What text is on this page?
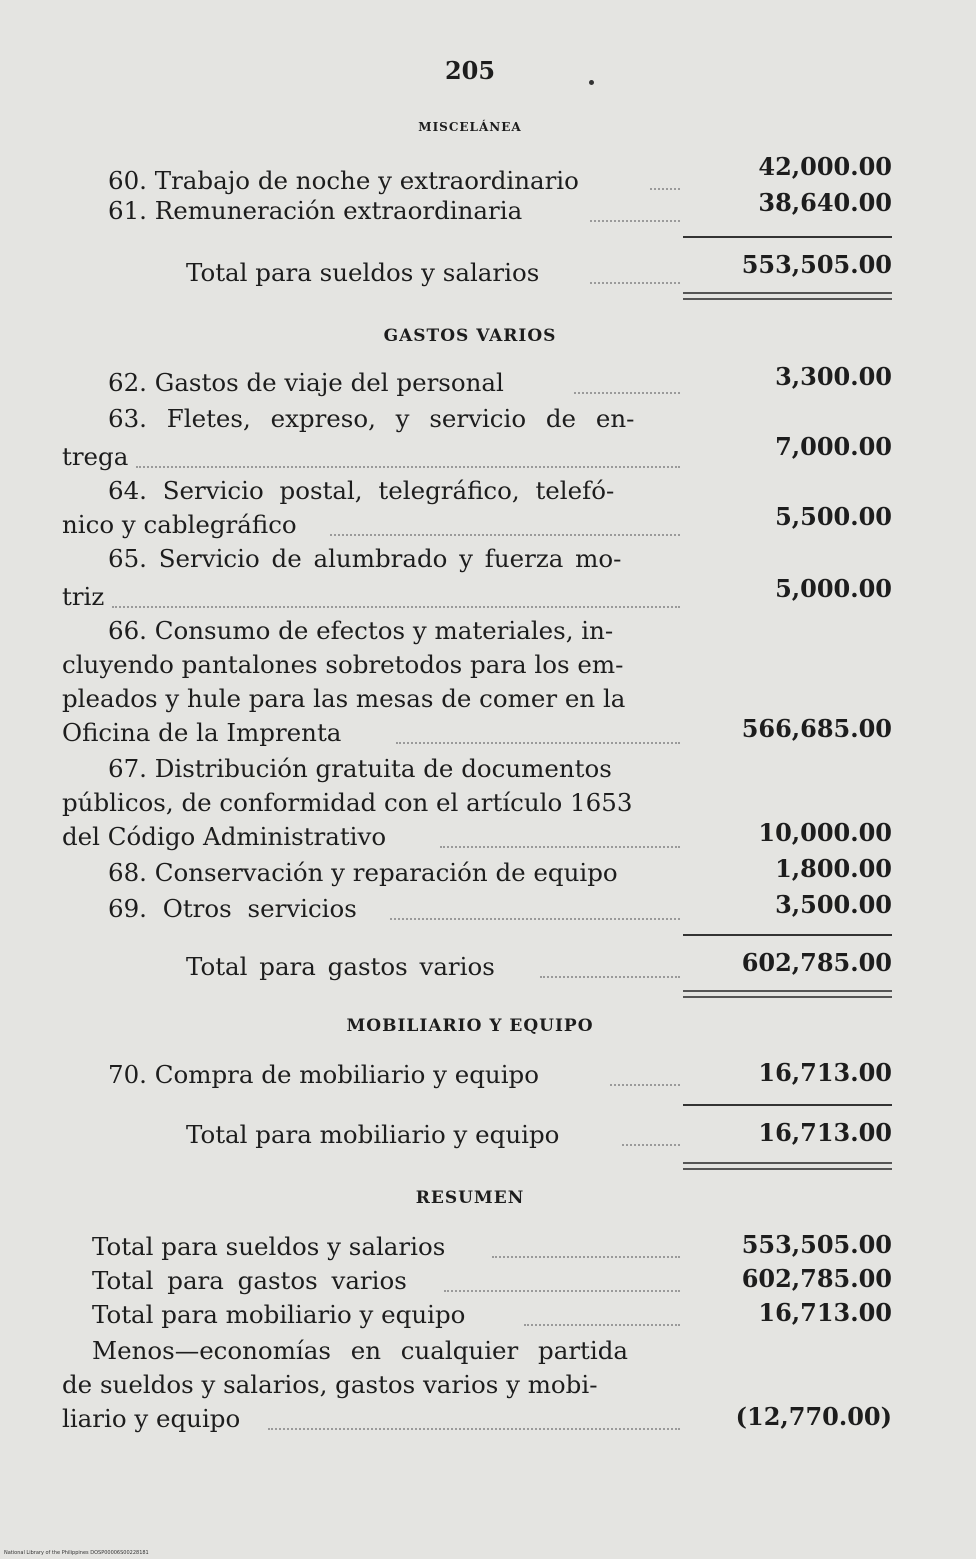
205
MISCELÁNEA
60. Trabajo de noche y extraordinario	42,000.00
61. Remuneración extraordinaria	38,640.00
Total para sueldos y salarios	553,505.00
GASTOS VARIOS
62. Gastos de viaje del personal	3,300.00
63. Fletes, expreso, y servicio de en-
trega	7,000.00
64. Servicio postal, telegráfico, telefó-
nico y cablegráfico	5,500.00
65. Servicio de alumbrado y fuerza mo-
triz	5,000.00
66. Consumo de efectos y materiales, in-
cluyendo pantalones sobretodos para los em-
pleados y hule para las mesas de comer en la
Oficina de la Imprenta	566,685.00
67. Distribución gratuita de documentos
públicos, de conformidad con el artículo 1653
del Código Administrativo	10,000.00
68. Conservación y reparación de equipo	1,800.00
69. Otros servicios	3,500.00
Total para gastos varios	602,785.00
MOBILIARIO Y EQUIPO
70. Compra de mobiliario y equipo	16,713.00
Total para mobiliario y equipo	16,713.00
RESUMEN
Total para sueldos y salarios	553,505.00
Total para gastos varios	602,785.00
Total para mobiliario y equipo	16,713.00
Menos—economías en cualquier partida
de sueldos y salarios, gastos varios y mobi-
liario y equipo	(12,770.00)
National Library of the Philippines DOSP00006S00228181
